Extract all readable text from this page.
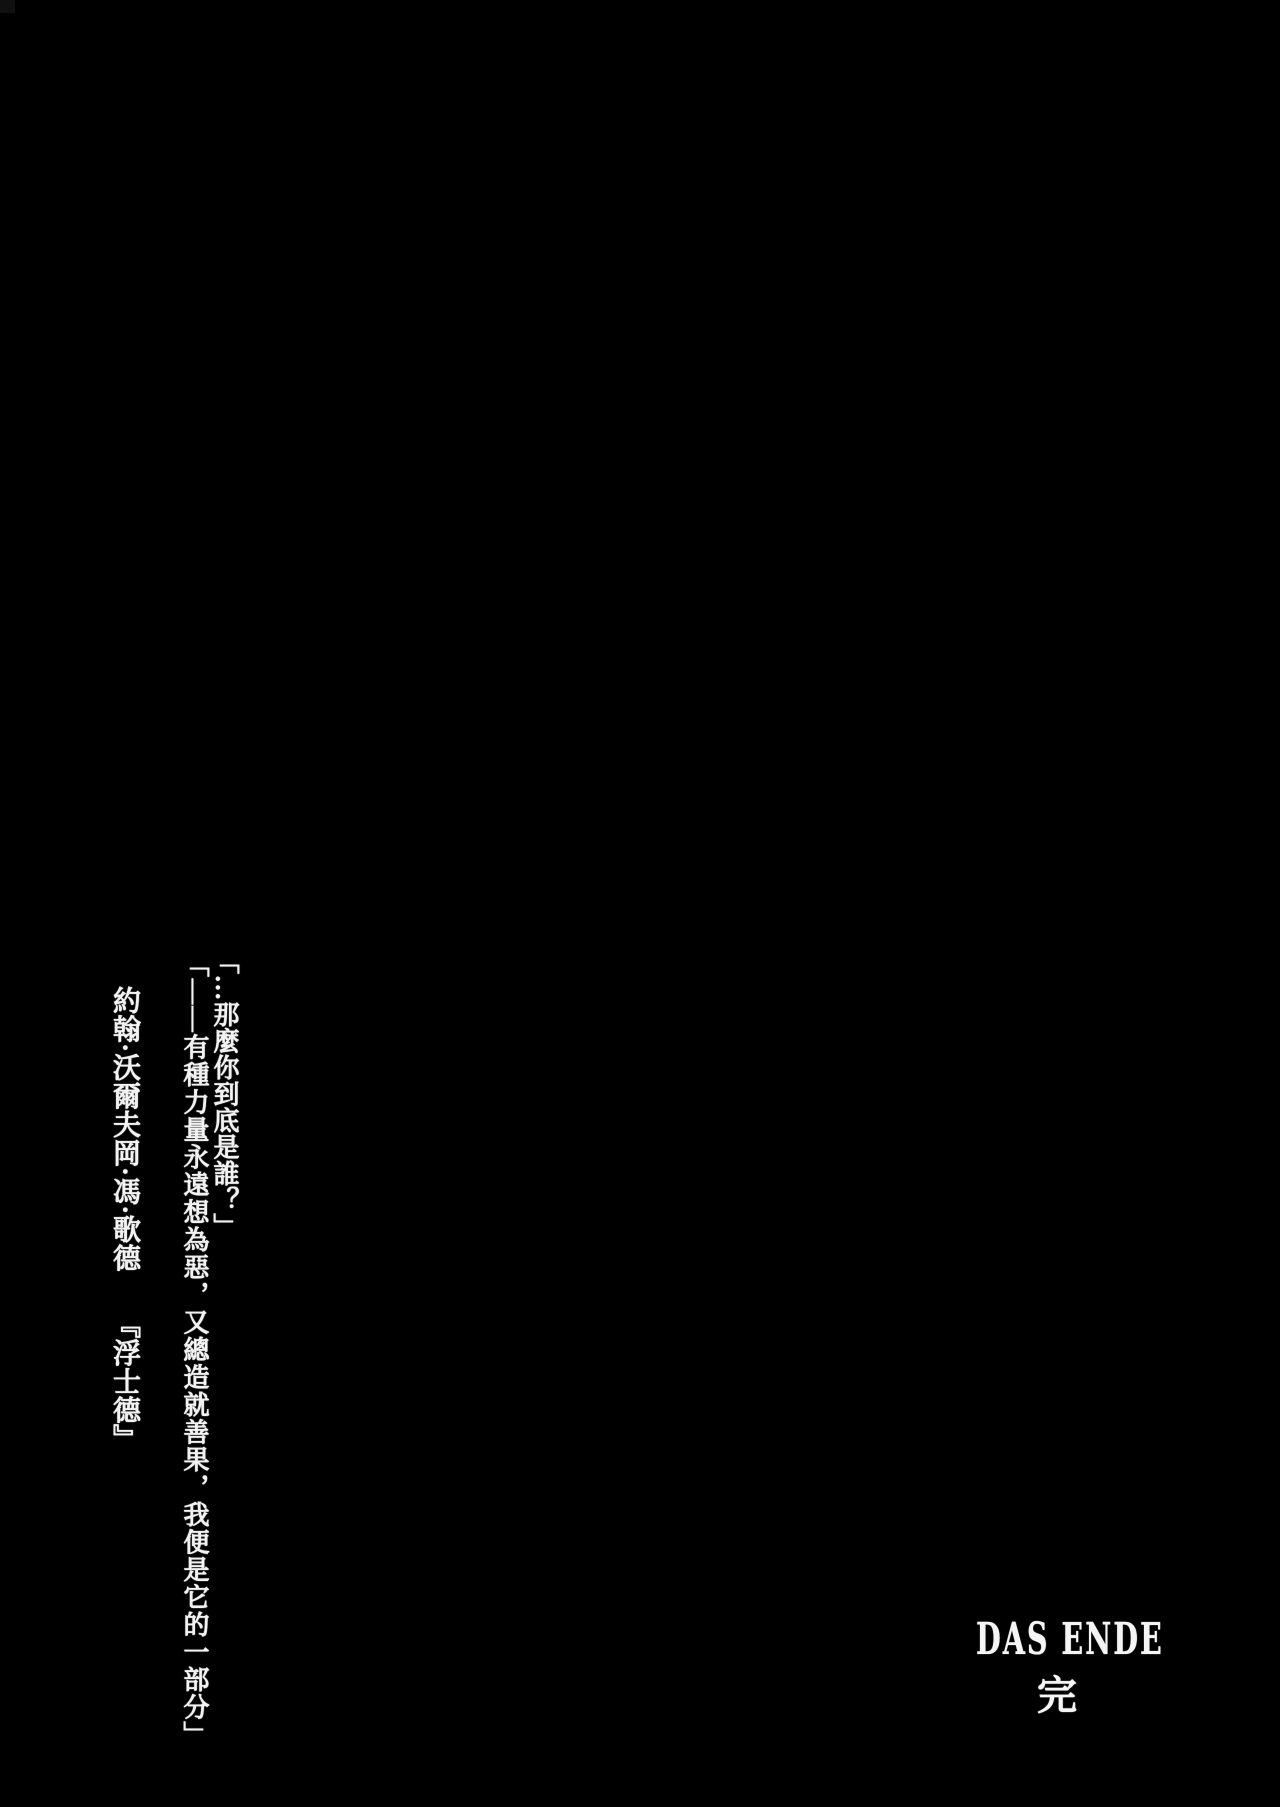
「…那麼你到底是誰？」
「——有種力量永遠想為惡，又總造就善果，我便是它的一部分」
約翰·沃爾夫岡·馮·歌德『浮士德』
DAS ENDE
完
